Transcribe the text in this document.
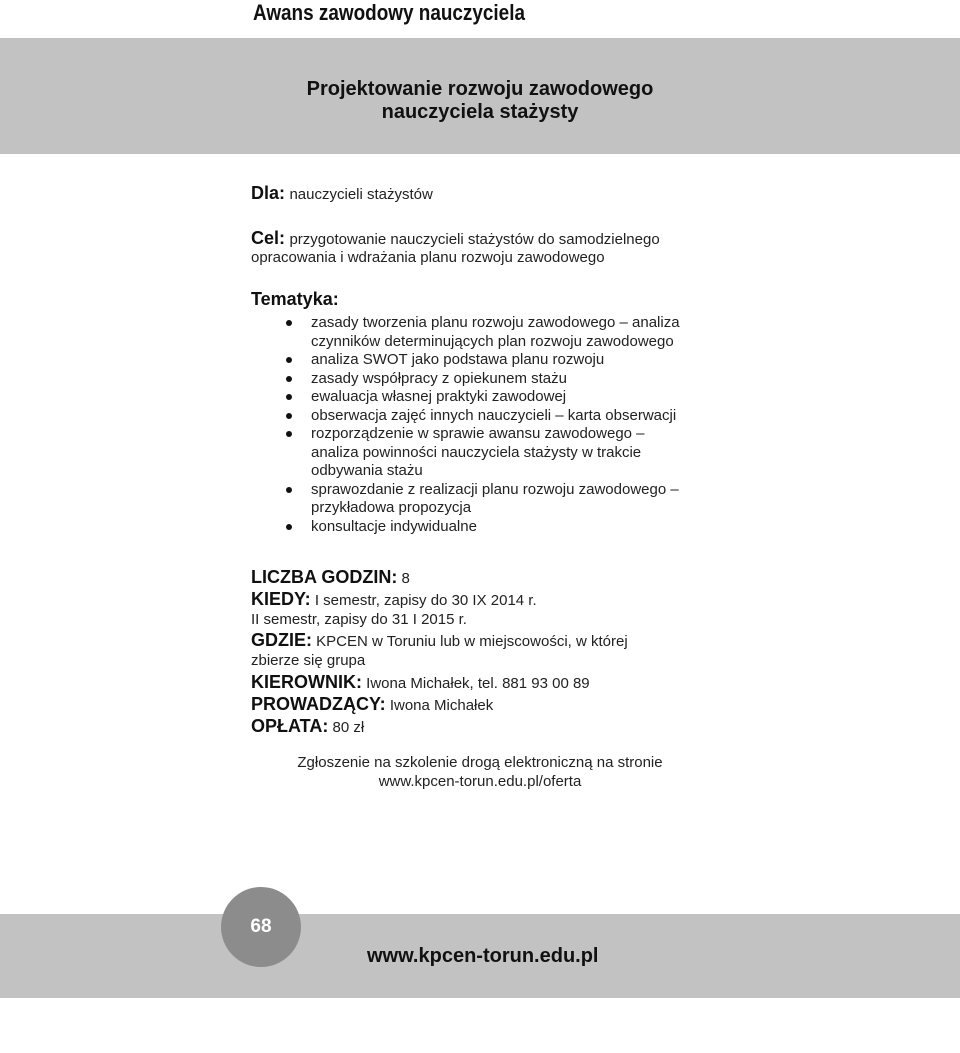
Awans zawodowy nauczyciela
Projektowanie rozwoju zawodowego
nauczyciela stażysty
Dla: nauczycieli stażystów
Cel: przygotowanie nauczycieli stażystów do samodzielnego
opracowania i wdrażania planu rozwoju zawodowego
Tematyka:
zasady tworzenia planu rozwoju zawodowego – analiza
czynników determinujących plan rozwoju zawodowego
analiza SWOT jako podstawa planu rozwoju
zasady współpracy z opiekunem stażu
ewaluacja własnej praktyki zawodowej
obserwacja zajęć innych nauczycieli – karta obserwacji
rozporządzenie w sprawie awansu zawodowego –
analiza powinności nauczyciela stażysty w trakcie
odbywania stażu
sprawozdanie z realizacji planu rozwoju zawodowego –
przykładowa propozycja
konsultacje indywidualne
LICZBA GODZIN: 8
KIEDY: I semestr, zapisy do 30 IX 2014 r.
II semestr, zapisy do 31 I 2015 r.
GDZIE: KPCEN w Toruniu lub w miejscowości, w której
zbierze się grupa
KIEROWNIK: Iwona Michałek, tel. 881 93 00 89
PROWADZĄCY: Iwona Michałek
OPŁATA: 80 zł
Zgłoszenie na szkolenie drogą elektroniczną na stronie
www.kpcen-torun.edu.pl/oferta
68
www.kpcen-torun.edu.pl
